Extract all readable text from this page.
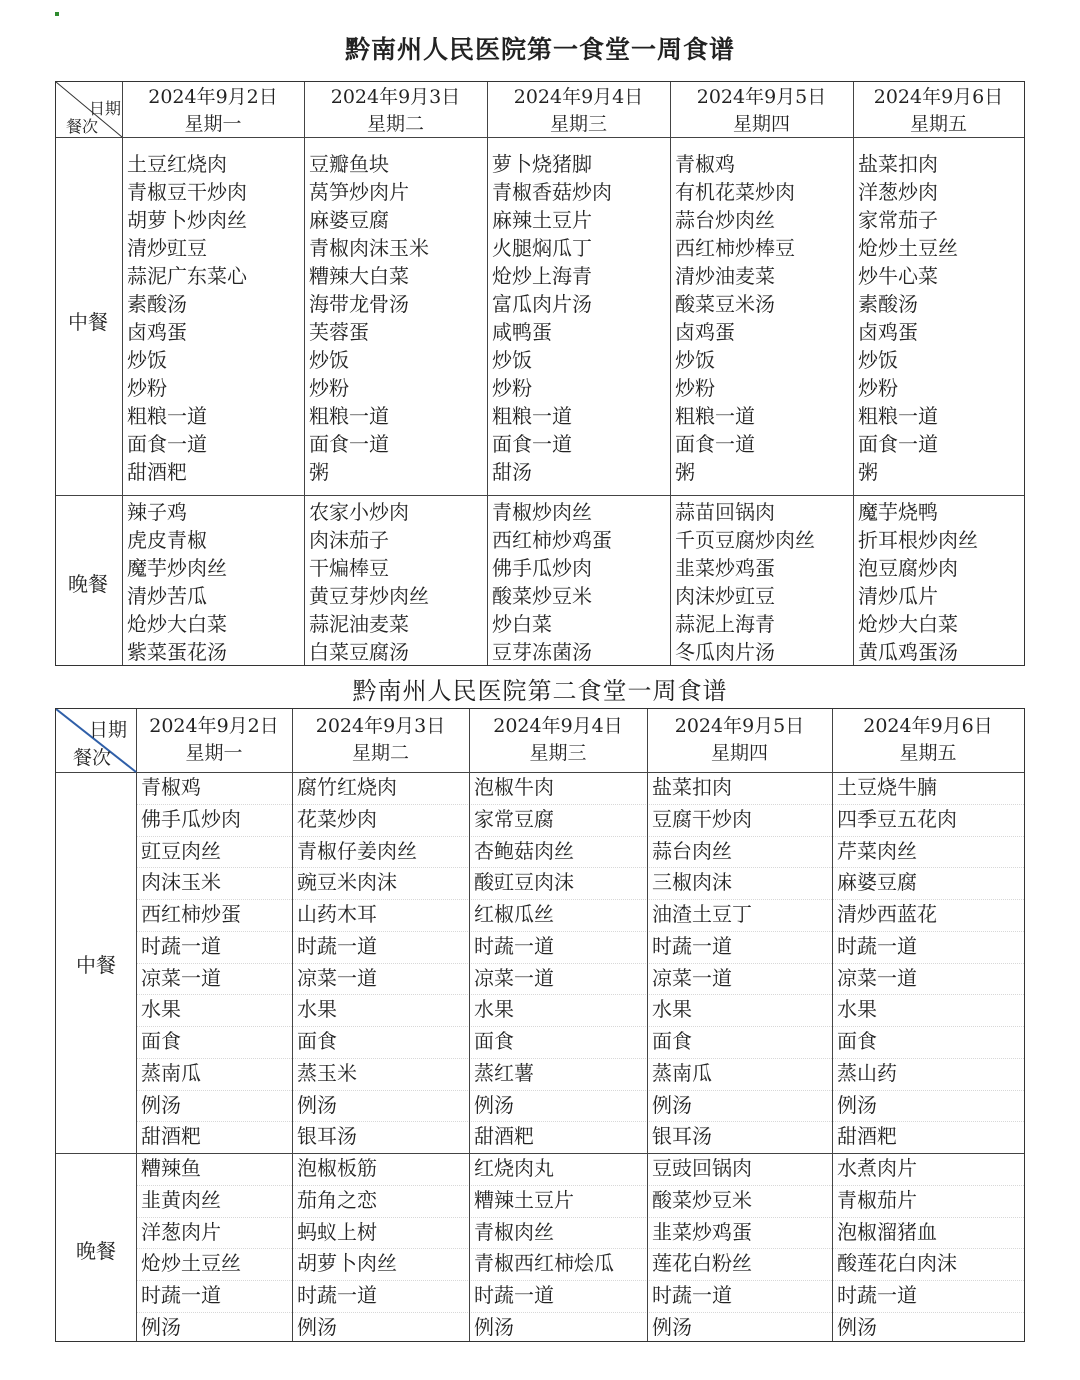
黔南州人民医院第一食堂一周食谱
日期
餐次
2024年9月2日
星期一
2024年9月3日
星期二
2024年9月4日
星期三
2024年9月5日
星期四
2024年9月6日
星期五
中餐
晚餐
土豆红烧肉
青椒豆干炒肉
胡萝卜炒肉丝
清炒豇豆
蒜泥广东菜心
素酸汤
卤鸡蛋
炒饭
炒粉
粗粮一道
面食一道
甜酒粑
豆瓣鱼块
莴笋炒肉片
麻婆豆腐
青椒肉沫玉米
糟辣大白菜
海带龙骨汤
芙蓉蛋
炒饭
炒粉
粗粮一道
面食一道
粥
萝卜烧猪脚
青椒香菇炒肉
麻辣土豆片
火腿焖瓜丁
炝炒上海青
富瓜肉片汤
咸鸭蛋
炒饭
炒粉
粗粮一道
面食一道
甜汤
青椒鸡
有机花菜炒肉
蒜台炒肉丝
西红柿炒棒豆
清炒油麦菜
酸菜豆米汤
卤鸡蛋
炒饭
炒粉
粗粮一道
面食一道
粥
盐菜扣肉
洋葱炒肉
家常茄子
炝炒土豆丝
炒牛心菜
素酸汤
卤鸡蛋
炒饭
炒粉
粗粮一道
面食一道
粥
辣子鸡
虎皮青椒
魔芋炒肉丝
清炒苦瓜
炝炒大白菜
紫菜蛋花汤
农家小炒肉
肉沫茄子
干煸棒豆
黄豆芽炒肉丝
蒜泥油麦菜
白菜豆腐汤
青椒炒肉丝
西红柿炒鸡蛋
佛手瓜炒肉
酸菜炒豆米
炒白菜
豆芽冻菌汤
蒜苗回锅肉
千页豆腐炒肉丝
韭菜炒鸡蛋
肉沫炒豇豆
蒜泥上海青
冬瓜肉片汤
魔芋烧鸭
折耳根炒肉丝
泡豆腐炒肉
清炒瓜片
炝炒大白菜
黄瓜鸡蛋汤
黔南州人民医院第二食堂一周食谱
日期
餐次
2024年9月2日
星期一
2024年9月3日
星期二
2024年9月4日
星期三
2024年9月5日
星期四
2024年9月6日
星期五
中餐
晚餐
青椒鸡
佛手瓜炒肉
豇豆肉丝
肉沫玉米
西红柿炒蛋
时蔬一道
凉菜一道
水果
面食
蒸南瓜
例汤
甜酒粑
腐竹红烧肉
花菜炒肉
青椒仔姜肉丝
豌豆米肉沫
山药木耳
时蔬一道
凉菜一道
水果
面食
蒸玉米
例汤
银耳汤
泡椒牛肉
家常豆腐
杏鲍菇肉丝
酸豇豆肉沫
红椒瓜丝
时蔬一道
凉菜一道
水果
面食
蒸红薯
例汤
甜酒粑
盐菜扣肉
豆腐干炒肉
蒜台肉丝
三椒肉沫
油渣土豆丁
时蔬一道
凉菜一道
水果
面食
蒸南瓜
例汤
银耳汤
土豆烧牛腩
四季豆五花肉
芹菜肉丝
麻婆豆腐
清炒西蓝花
时蔬一道
凉菜一道
水果
面食
蒸山药
例汤
甜酒粑
糟辣鱼
韭黄肉丝
洋葱肉片
炝炒土豆丝
时蔬一道
例汤
泡椒板筋
茄角之恋
蚂蚁上树
胡萝卜肉丝
时蔬一道
例汤
红烧肉丸
糟辣土豆片
青椒肉丝
青椒西红柿烩瓜
时蔬一道
例汤
豆豉回锅肉
酸菜炒豆米
韭菜炒鸡蛋
莲花白粉丝
时蔬一道
例汤
水煮肉片
青椒茄片
泡椒溜猪血
酸莲花白肉沫
时蔬一道
例汤
